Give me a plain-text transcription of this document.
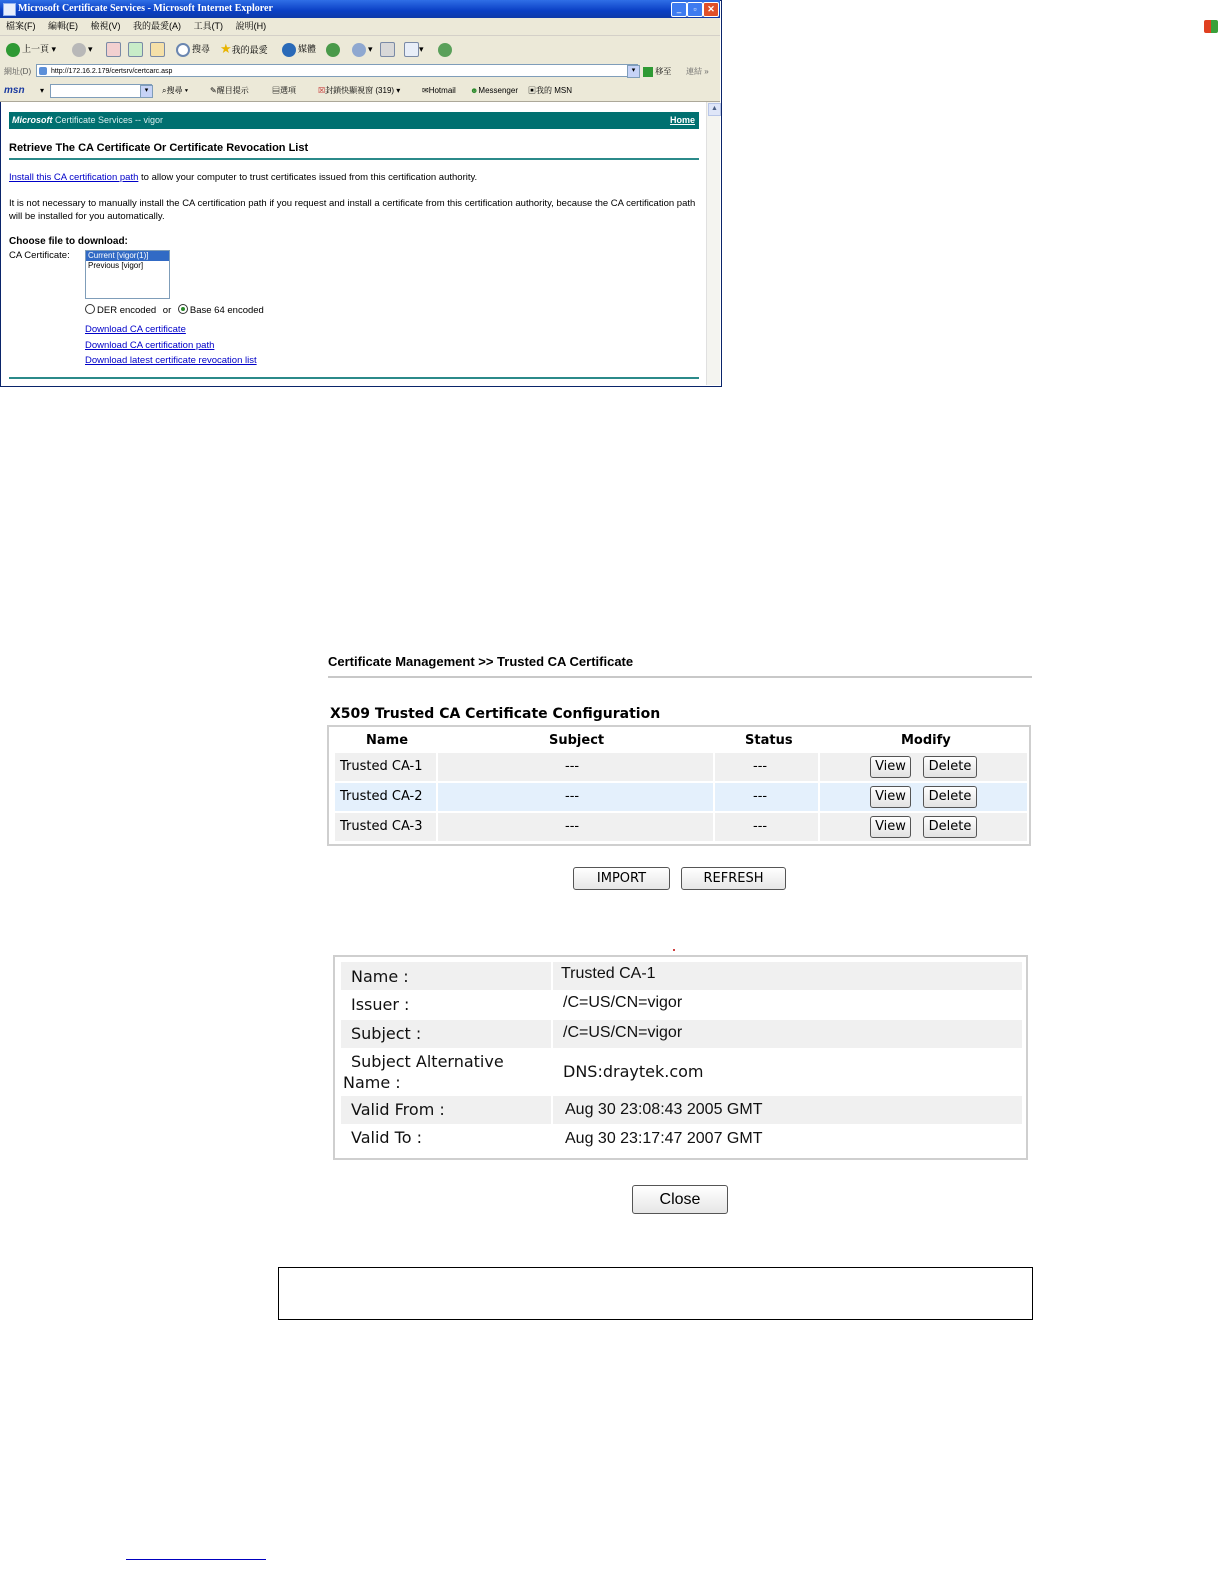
Microsoft Certificate Services - Microsoft Internet Explorer	_	▫	✕
檔案(F) 編輯(E) 檢視(V) 我的最愛(A) 工具(T) 說明(H)
上一頁 ▾	▾	搜尋 ★我的最愛	媒體	▾	▾
網址(D)	http://172.16.2.179/certsrv/certcarc.asp	▾	移至 連結 »
msn ▾	▾	⌕搜尋 ▾	✎醒目提示	▤選項	☒封鎖快顯視窗 (319) ▾	✉Hotmail ☻Messenger ▣我的 MSN
Microsoft Certificate Services -- vigor	Home
Retrieve The CA Certificate Or Certificate Revocation List
Install this CA certification path to allow your computer to trust certificates issued from this certification authority.
It is not necessary to manually install the CA certification path if you request and install a certificate from this certification authority, because the CA certification path will be installed for you automatically.
Choose file to download:
CA Certificate: Current [vigor(1)]
Previous [vigor]
DER encoded or Base 64 encoded
Download CA certificate
Download CA certification path
Download latest certificate revocation list
▲
Certificate Management >> Trusted CA Certificate
X509 Trusted CA Certificate Configuration
Name	Subject	Status	Modify
Trusted CA-1	---	---	View	Delete
Trusted CA-2	---	---	View	Delete
Trusted CA-3	---	---	View	Delete
IMPORT	REFRESH
Name :	Trusted CA-1
Issuer :	/C=US/CN=vigor
Subject :	/C=US/CN=vigor
Subject Alternative
Name :
DNS:draytek.com
Valid From :	Aug 30 23:08:43 2005 GMT
Valid To :	Aug 30 23:17:47 2007 GMT
Close
